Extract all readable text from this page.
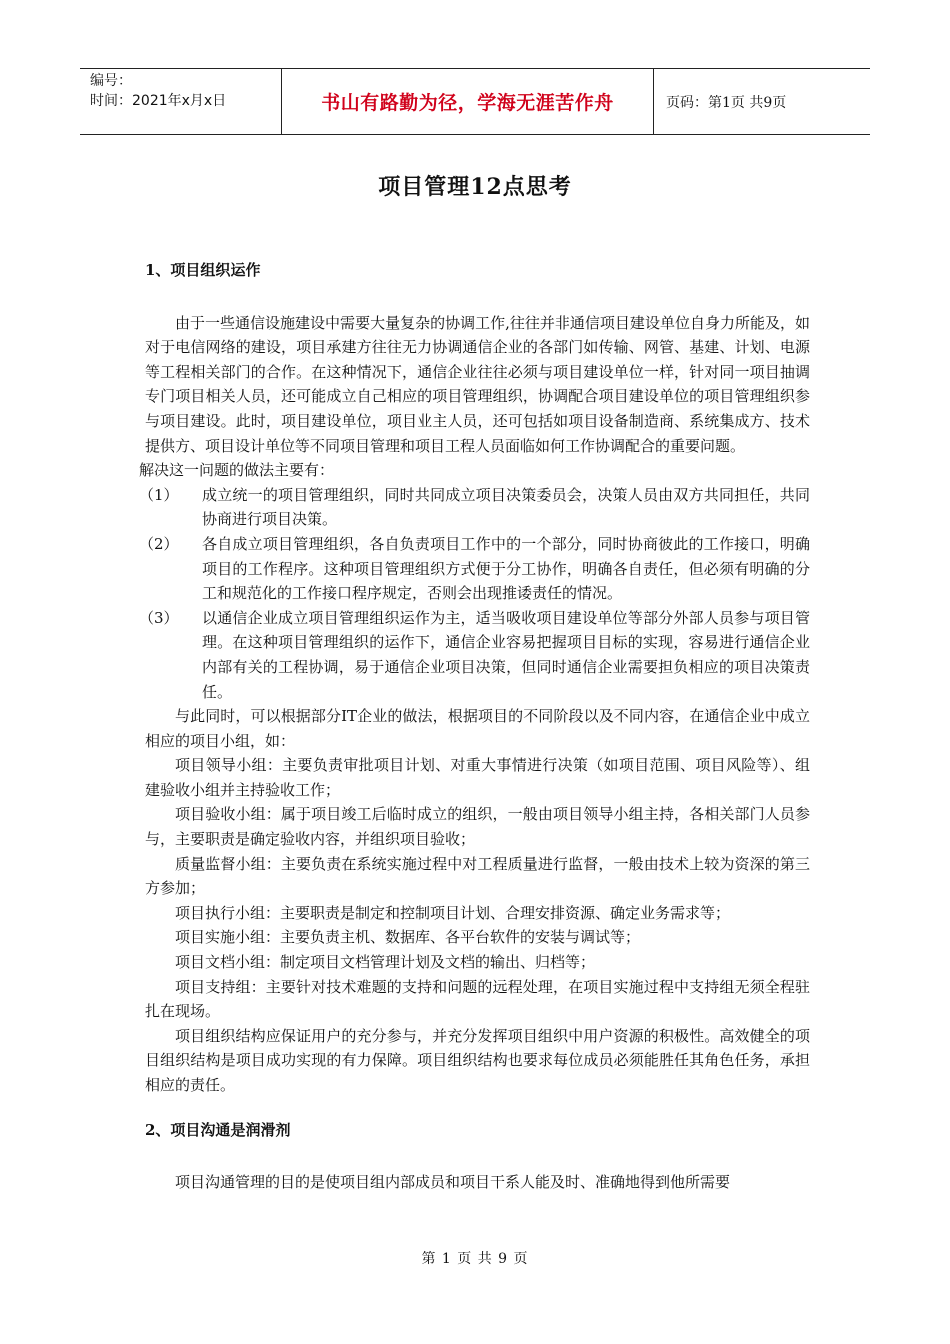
编号：
时间：2021年x月x日	书山有路勤为径，学海无涯苦作舟	页码：第1页 共9页
项目管理12点思考
1、项目组织运作

由于一些通信设施建设中需要大量复杂的协调工作,往往并非通信项目建设单位自身力所能及，如对于电信网络的建设，项目承建方往往无力协调通信企业的各部门如传输、网管、基建、计划、电源等工程相关部门的合作。在这种情况下，通信企业往往必须与项目建设单位一样，针对同一项目抽调专门项目相关人员，还可能成立自己相应的项目管理组织，协调配合项目建设单位的项目管理组织参与项目建设。此时，项目建设单位，项目业主人员，还可包括如项目设备制造商、系统集成方、技术提供方、项目设计单位等不同项目管理和项目工程人员面临如何工作协调配合的重要问题。

解决这一问题的做法主要有：

（1）	成立统一的项目管理组织，同时共同成立项目决策委员会，决策人员由双方共同担任，共同协商进行项目决策。
（2）	各自成立项目管理组织，各自负责项目工作中的一个部分，同时协商彼此的工作接口，明确项目的工作程序。这种项目管理组织方式便于分工协作，明确各自责任，但必须有明确的分工和规范化的工作接口程序规定，否则会出现推诿责任的情况。
（3）	以通信企业成立项目管理组织运作为主，适当吸收项目建设单位等部分外部人员参与项目管理。在这种项目管理组织的运作下，通信企业容易把握项目目标的实现，容易进行通信企业内部有关的工程协调，易于通信企业项目决策，但同时通信企业需要担负相应的项目决策责任。

与此同时，可以根据部分IT企业的做法，根据项目的不同阶段以及不同内容，在通信企业中成立相应的项目小组，如：

项目领导小组：主要负责审批项目计划、对重大事情进行决策（如项目范围、项目风险等）、组建验收小组并主持验收工作；

项目验收小组：属于项目竣工后临时成立的组织，一般由项目领导小组主持，各相关部门人员参与，主要职责是确定验收内容，并组织项目验收；

质量监督小组：主要负责在系统实施过程中对工程质量进行监督，一般由技术上较为资深的第三方参加；

项目执行小组：主要职责是制定和控制项目计划、合理安排资源、确定业务需求等；

项目实施小组：主要负责主机、数据库、各平台软件的安装与调试等；

项目文档小组：制定项目文档管理计划及文档的输出、归档等；

项目支持组：主要针对技术难题的支持和问题的远程处理，在项目实施过程中支持组无须全程驻扎在现场。

项目组织结构应保证用户的充分参与，并充分发挥项目组织中用户资源的积极性。高效健全的项目组织结构是项目成功实现的有力保障。项目组织结构也要求每位成员必须能胜任其角色任务，承担相应的责任。

2、项目沟通是润滑剂

项目沟通管理的目的是使项目组内部成员和项目干系人能及时、准确地得到他所需要

第 1 页 共 9 页
